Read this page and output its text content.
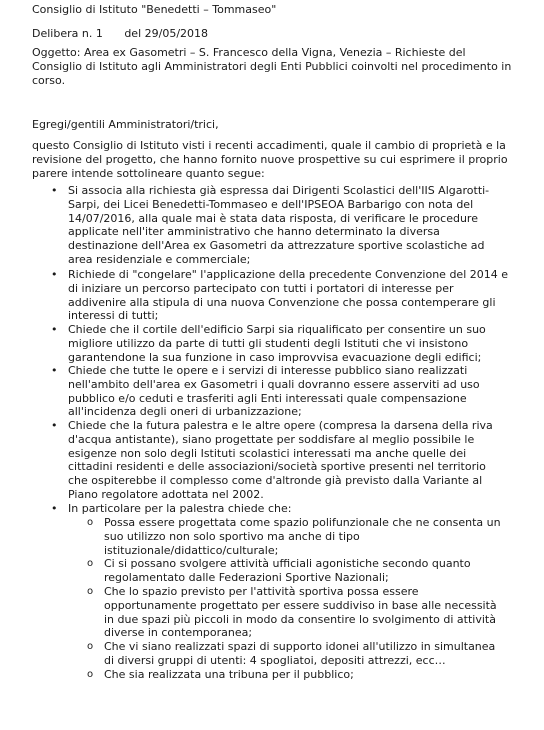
Consiglio di Istituto "Benedetti – Tommaseo"
Delibera n. 1 del 29/05/2018
Oggetto: Area ex Gasometri – S. Francesco della Vigna, Venezia – Richieste del Consiglio di Istituto agli Amministratori degli Enti Pubblici coinvolti nel procedimento in corso.
Egregi/gentili Amministratori/trici,
questo Consiglio di Istituto visti i recenti accadimenti, quale il cambio di proprietà e la revisione del progetto, che hanno fornito nuove prospettive su cui esprimere il proprio parere intende sottolineare quanto segue:
• Si associa alla richiesta già espressa dai Dirigenti Scolastici dell'IIS Algarotti-Sarpi, dei Licei Benedetti-Tommaseo e dell'IPSEOA Barbarigo con nota del 14/07/2016, alla quale mai è stata data risposta, di verificare le procedure applicate nell'iter amministrativo che hanno determinato la diversa destinazione dell'Area ex Gasometri da attrezzature sportive scolastiche ad area residenziale e commerciale;
• Richiede di "congelare" l'applicazione della precedente Convenzione del 2014 e di iniziare un percorso partecipato con tutti i portatori di interesse per addivenire alla stipula di una nuova Convenzione che possa contemperare gli interessi di tutti;
• Chiede che il cortile dell'edificio Sarpi sia riqualificato per consentire un suo migliore utilizzo da parte di tutti gli studenti degli Istituti che vi insistono garantendone la sua funzione in caso improvvisa evacuazione degli edifici;
• Chiede che tutte le opere e i servizi di interesse pubblico siano realizzati nell'ambito dell'area ex Gasometri i quali dovranno essere asserviti ad uso pubblico e/o ceduti e trasferiti agli Enti interessati quale compensazione all'incidenza degli oneri di urbanizzazione;
• Chiede che la futura palestra e le altre opere (compresa la darsena della riva d'acqua antistante), siano progettate per soddisfare al meglio possibile le esigenze non solo degli Istituti scolastici interessati ma anche quelle dei cittadini residenti e delle associazioni/società sportive presenti nel territorio che ospiterebbe il complesso come d'altronde già previsto dalla Variante al Piano regolatore adottata nel 2002.
• In particolare per la palestra chiede che:
o Possa essere progettata come spazio polifunzionale che ne consenta un suo utilizzo non solo sportivo ma anche di tipo istituzionale/didattico/culturale;
o Ci si possano svolgere attività ufficiali agonistiche secondo quanto regolamentato dalle Federazioni Sportive Nazionali;
o Che lo spazio previsto per l'attività sportiva possa essere opportunamente progettato per essere suddiviso in base alle necessità in due spazi più piccoli in modo da consentire lo svolgimento di attività diverse in contemporanea;
o Che vi siano realizzati spazi di supporto idonei all'utilizzo in simultanea di diversi gruppi di utenti: 4 spogliatoi, depositi attrezzi, ecc…
o Che sia realizzata una tribuna per il pubblico;
